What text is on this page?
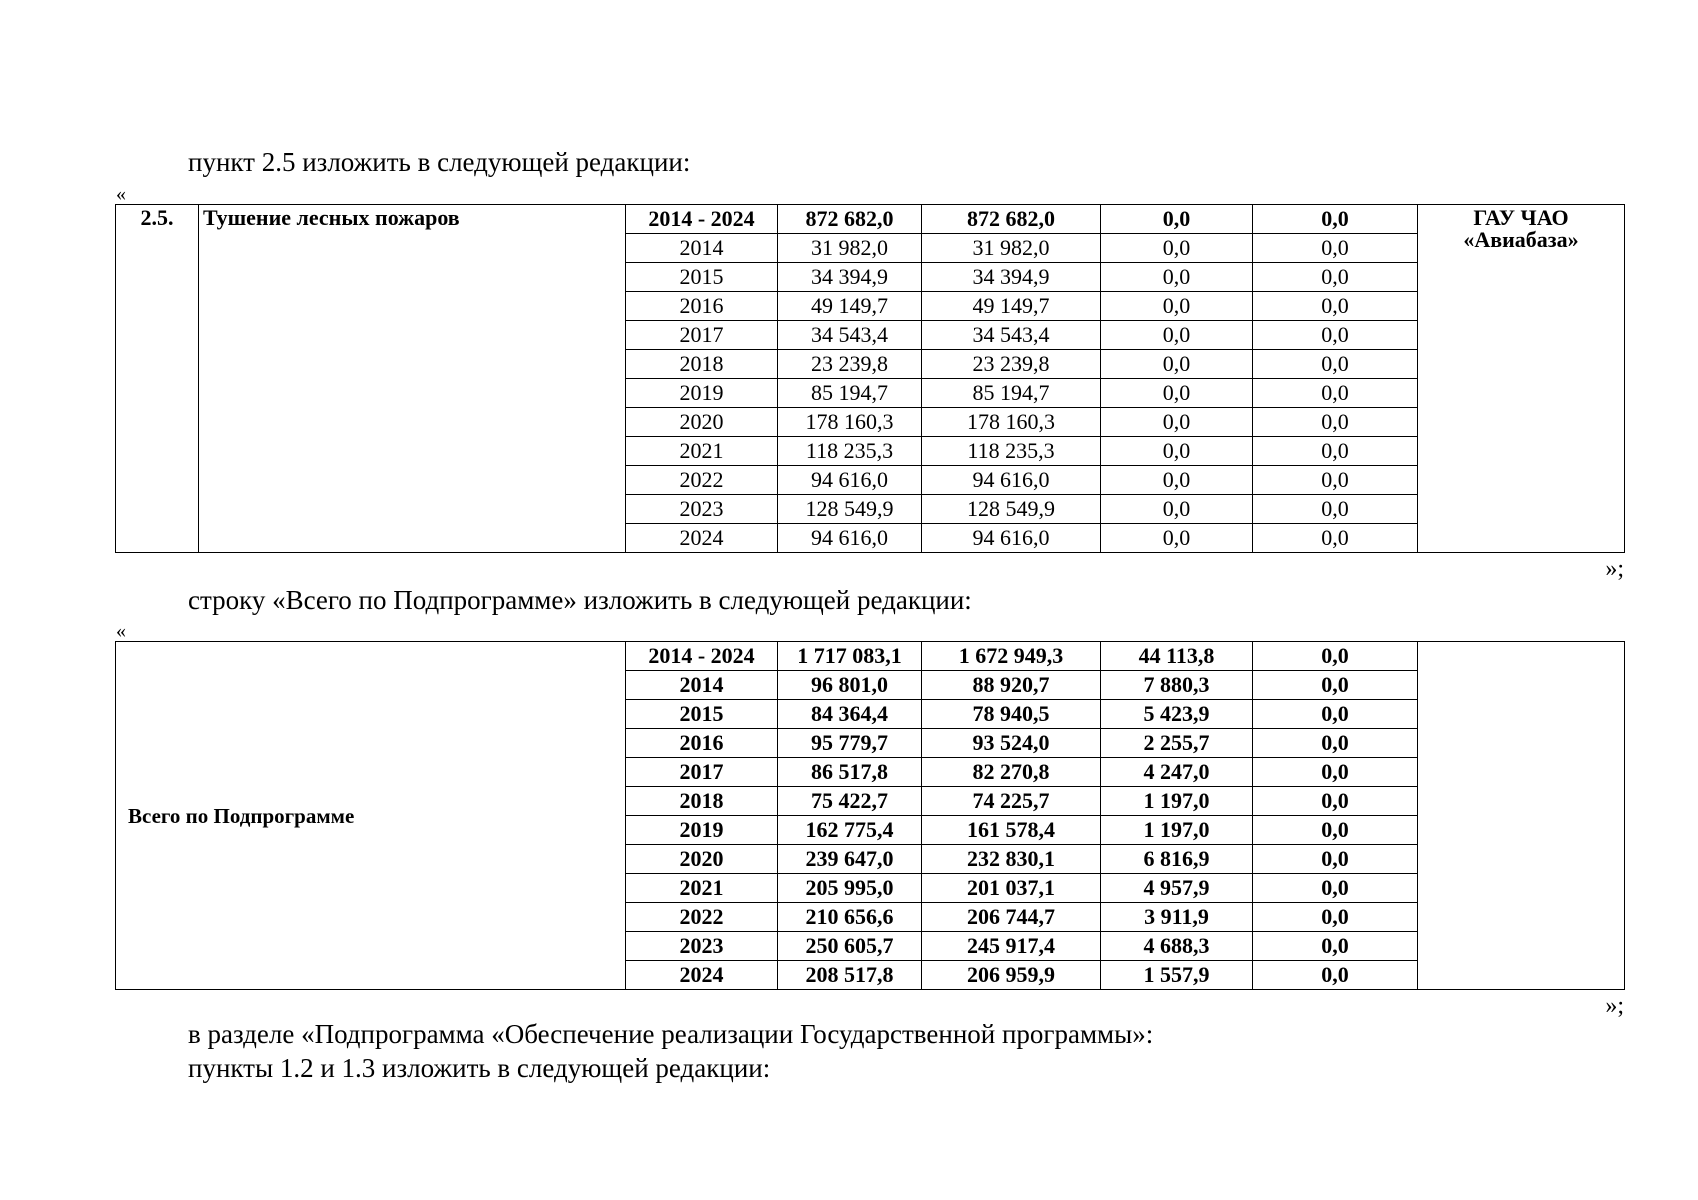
пункт 2.5 изложить в следующей редакции:
«
2.5.	Тушение лесных пожаров	2014 - 2024	872 682,0	872 682,0	0,0	0,0	ГАУ ЧАО «Авиабаза»
		2014	31 982,0	31 982,0	0,0	0,0	
		2015	34 394,9	34 394,9	0,0	0,0	
		2016	49 149,7	49 149,7	0,0	0,0	
		2017	34 543,4	34 543,4	0,0	0,0	
		2018	23 239,8	23 239,8	0,0	0,0	
		2019	85 194,7	85 194,7	0,0	0,0	
		2020	178 160,3	178 160,3	0,0	0,0	
		2021	118 235,3	118 235,3	0,0	0,0	
		2022	94 616,0	94 616,0	0,0	0,0	
		2023	128 549,9	128 549,9	0,0	0,0	
		2024	94 616,0	94 616,0	0,0	0,0	
»;
строку «Всего по Подпрограмме» изложить в следующей редакции:
«
Всего по Подпрограмме	2014 - 2024	1 717 083,1	1 672 949,3	44 113,8	0,0	
	2014	96 801,0	88 920,7	7 880,3	0,0	
	2015	84 364,4	78 940,5	5 423,9	0,0	
	2016	95 779,7	93 524,0	2 255,7	0,0	
	2017	86 517,8	82 270,8	4 247,0	0,0	
	2018	75 422,7	74 225,7	1 197,0	0,0	
	2019	162 775,4	161 578,4	1 197,0	0,0	
	2020	239 647,0	232 830,1	6 816,9	0,0	
	2021	205 995,0	201 037,1	4 957,9	0,0	
	2022	210 656,6	206 744,7	3 911,9	0,0	
	2023	250 605,7	245 917,4	4 688,3	0,0	
	2024	208 517,8	206 959,9	1 557,9	0,0	
»;
в разделе «Подпрограмма «Обеспечение реализации Государственной программы»:
пункты 1.2 и 1.3 изложить в следующей редакции:
